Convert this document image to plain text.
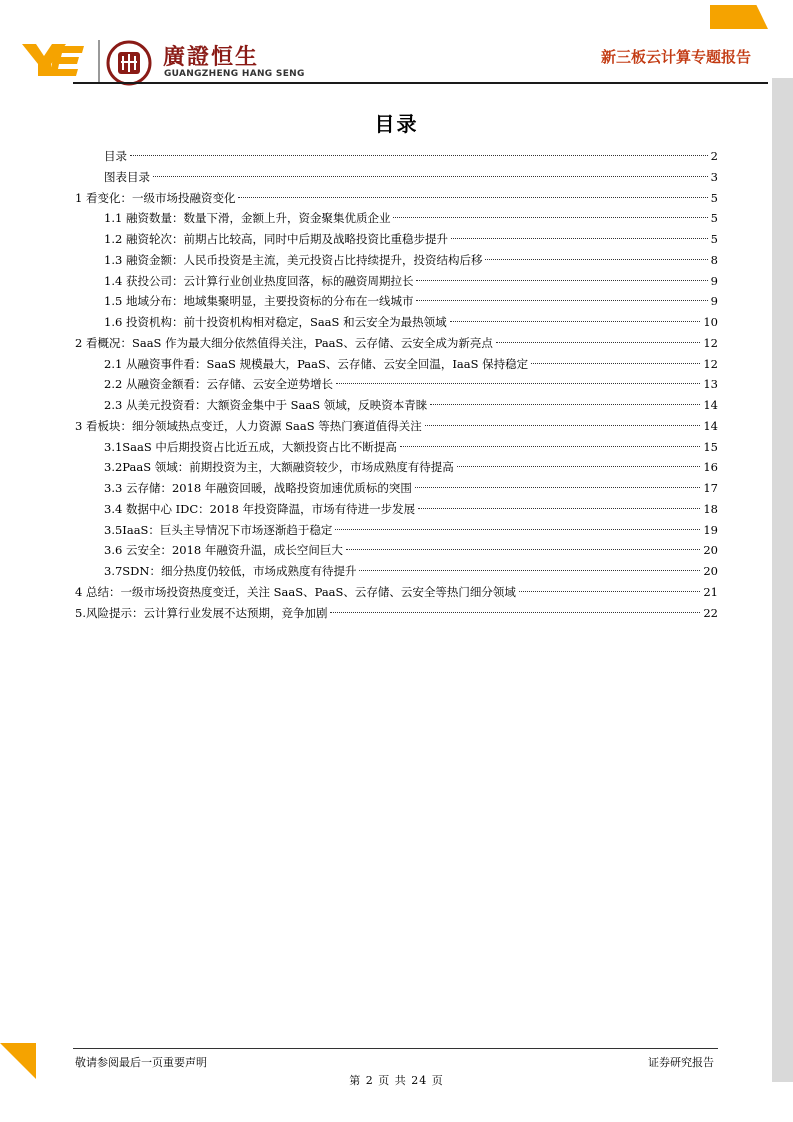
廣證恒生
GUANGZHENG HANG SENG
新三板云计算专题报告
目录
目录	2
图表目录	3
1 看变化：一级市场投融资变化	5
1.1 融资数量：数量下滑，金额上升，资金聚集优质企业	5
1.2 融资轮次：前期占比较高，同时中后期及战略投资比重稳步提升	5
1.3 融资金额：人民币投资是主流，美元投资占比持续提升，投资结构后移	8
1.4 获投公司：云计算行业创业热度回落，标的融资周期拉长	9
1.5 地域分布：地域集聚明显，主要投资标的分布在一线城市	9
1.6 投资机构：前十投资机构相对稳定，SaaS 和云安全为最热领域	10
2 看概况：SaaS 作为最大细分依然值得关注，PaaS、云存储、云安全成为新亮点	12
2.1 从融资事件看：SaaS 规模最大，PaaS、云存储、云安全回温，IaaS 保持稳定	12
2.2 从融资金额看：云存储、云安全逆势增长	13
2.3 从美元投资看：大额资金集中于 SaaS 领域，反映资本青睐	14
3 看板块：细分领域热点变迁，人力资源 SaaS 等热门赛道值得关注	14
3.1SaaS 中后期投资占比近五成，大额投资占比不断提高	15
3.2PaaS 领域：前期投资为主，大额融资较少，市场成熟度有待提高	16
3.3 云存储：2018 年融资回暖，战略投资加速优质标的突围	17
3.4 数据中心 IDC：2018 年投资降温，市场有待进一步发展	18
3.5IaaS：巨头主导情况下市场逐渐趋于稳定	19
3.6 云安全：2018 年融资升温，成长空间巨大	20
3.7SDN：细分热度仍较低，市场成熟度有待提升	20
4 总结：一级市场投资热度变迁，关注 SaaS、PaaS、云存储、云安全等热门细分领域	21
5.风险提示：云计算行业发展不达预期，竞争加剧	22
敬请参阅最后一页重要声明	证券研究报告
第 2 页 共 24 页
